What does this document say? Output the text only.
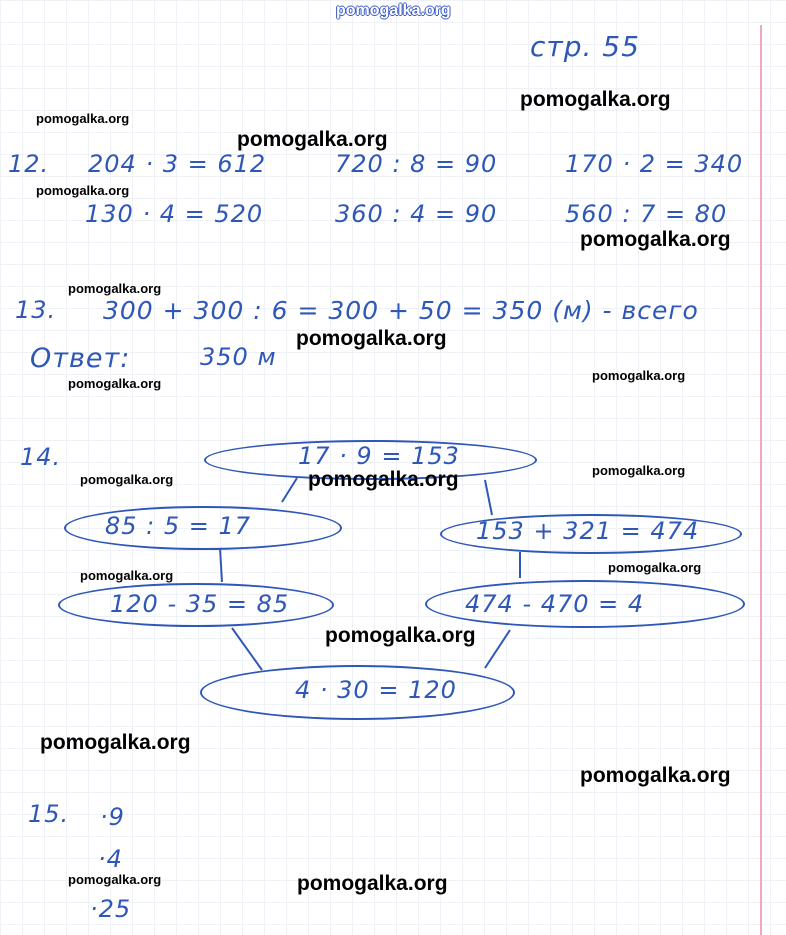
pomogalka.org
стр. 55
12. 204 · 3 = 612	720 : 8 = 90	170 · 2 = 340
130 · 4 = 520	360 : 4 = 90	560 : 7 = 80
13. 300 + 300 : 6 = 300 + 50 = 350 (м) - всего
Ответ:	350 м
14.	17 · 9 = 153
85 : 5 = 17	153 + 321 = 474
120 - 35 = 85	474 - 470 = 4
4 · 30 = 120
15. ·9
·4
·25
pomogalka.org
pomogalka.org
pomogalka.org
pomogalka.org
pomogalka.org
pomogalka.org
pomogalka.org
pomogalka.org
pomogalka.org
pomogalka.org
pomogalka.org
pomogalka.org
pomogalka.org
pomogalka.org
pomogalka.org
pomogalka.org
pomogalka.org
pomogalka.org
pomogalka.org
